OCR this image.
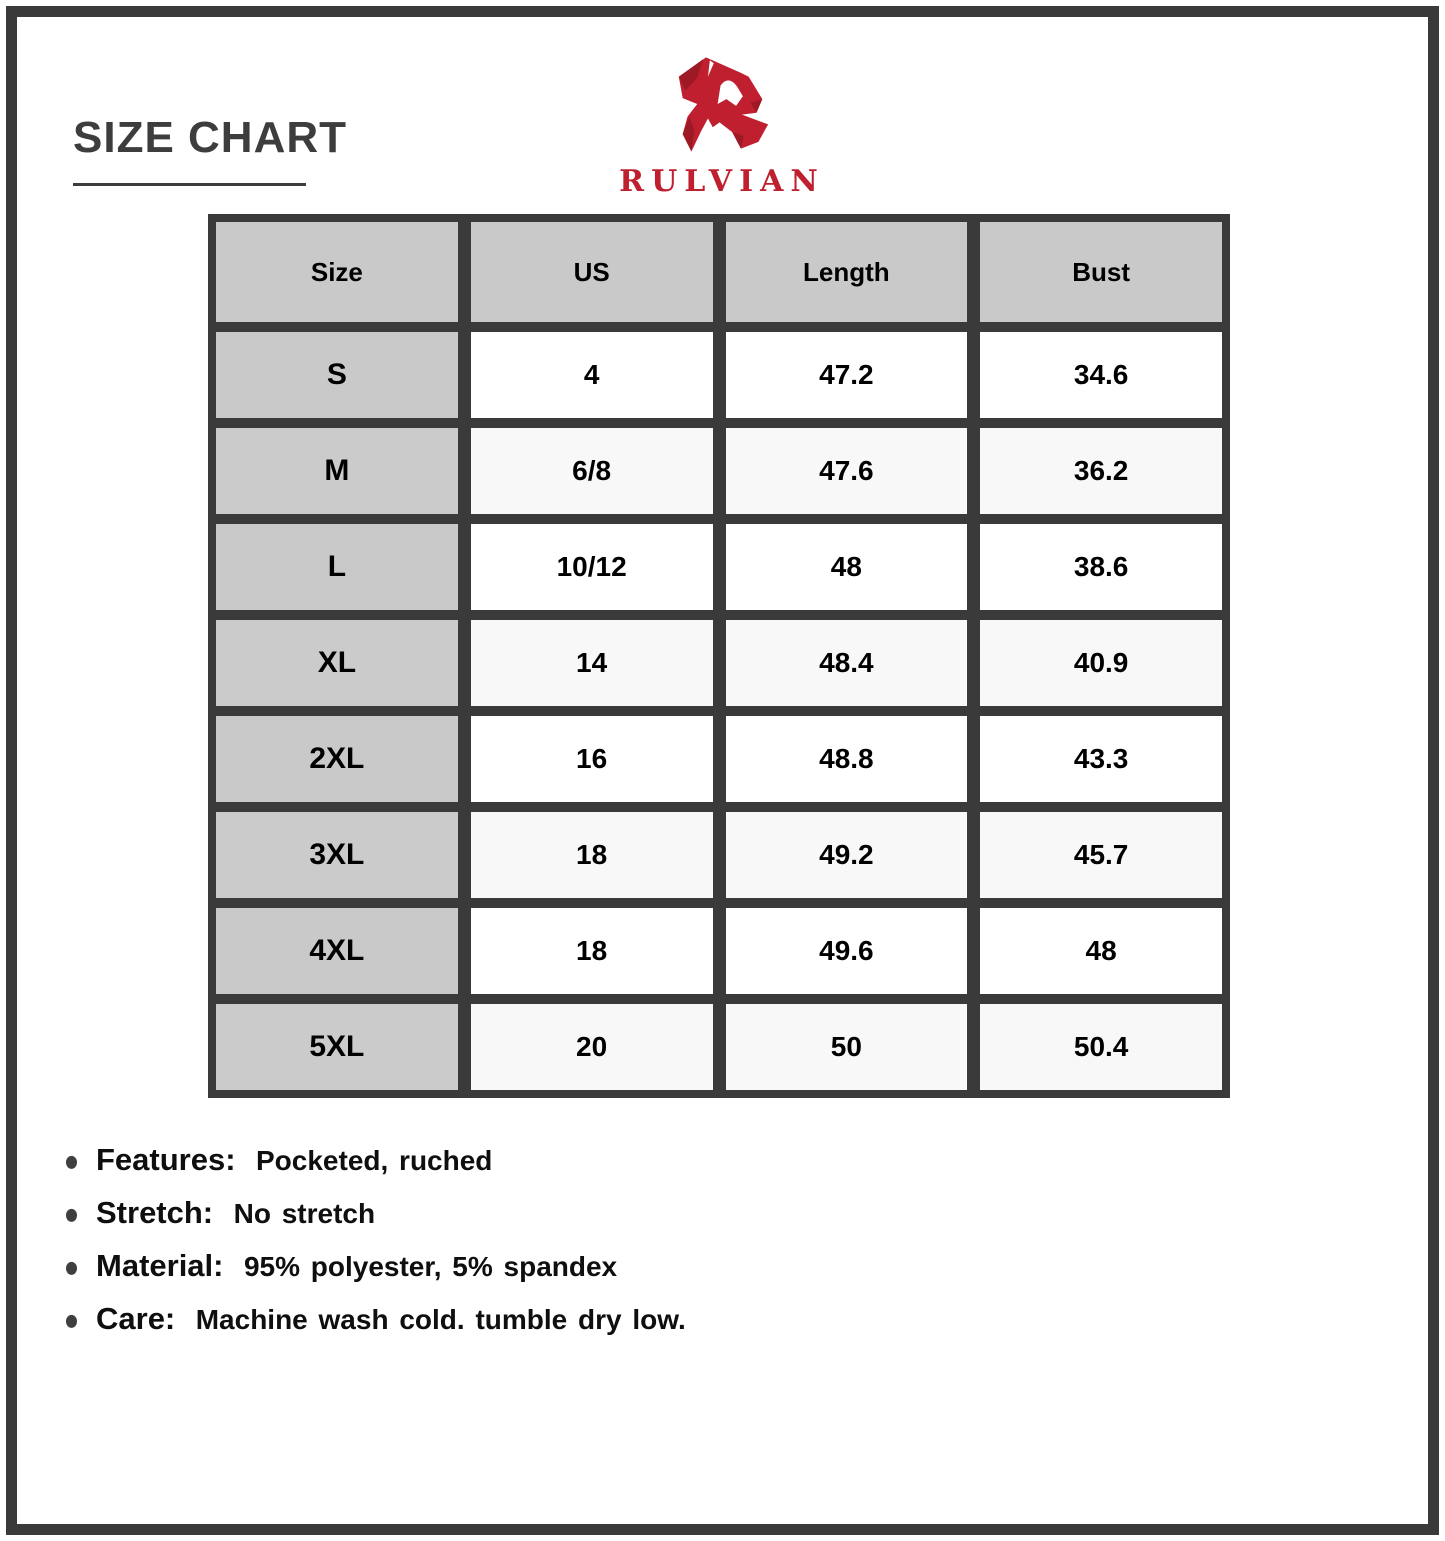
SIZE CHART
RULVIAN
Size	US	Length	Bust
S	4	47.2	34.6
M	6/8	47.6	36.2
L	10/12	48	38.6
XL	14	48.4	40.9
2XL	16	48.8	43.3
3XL	18	49.2	45.7
4XL	18	49.6	48
5XL	20	50	50.4
Features: Pocketed, ruched
Stretch: No stretch
Material: 95% polyester, 5% spandex
Care: Machine wash cold. tumble dry low.
